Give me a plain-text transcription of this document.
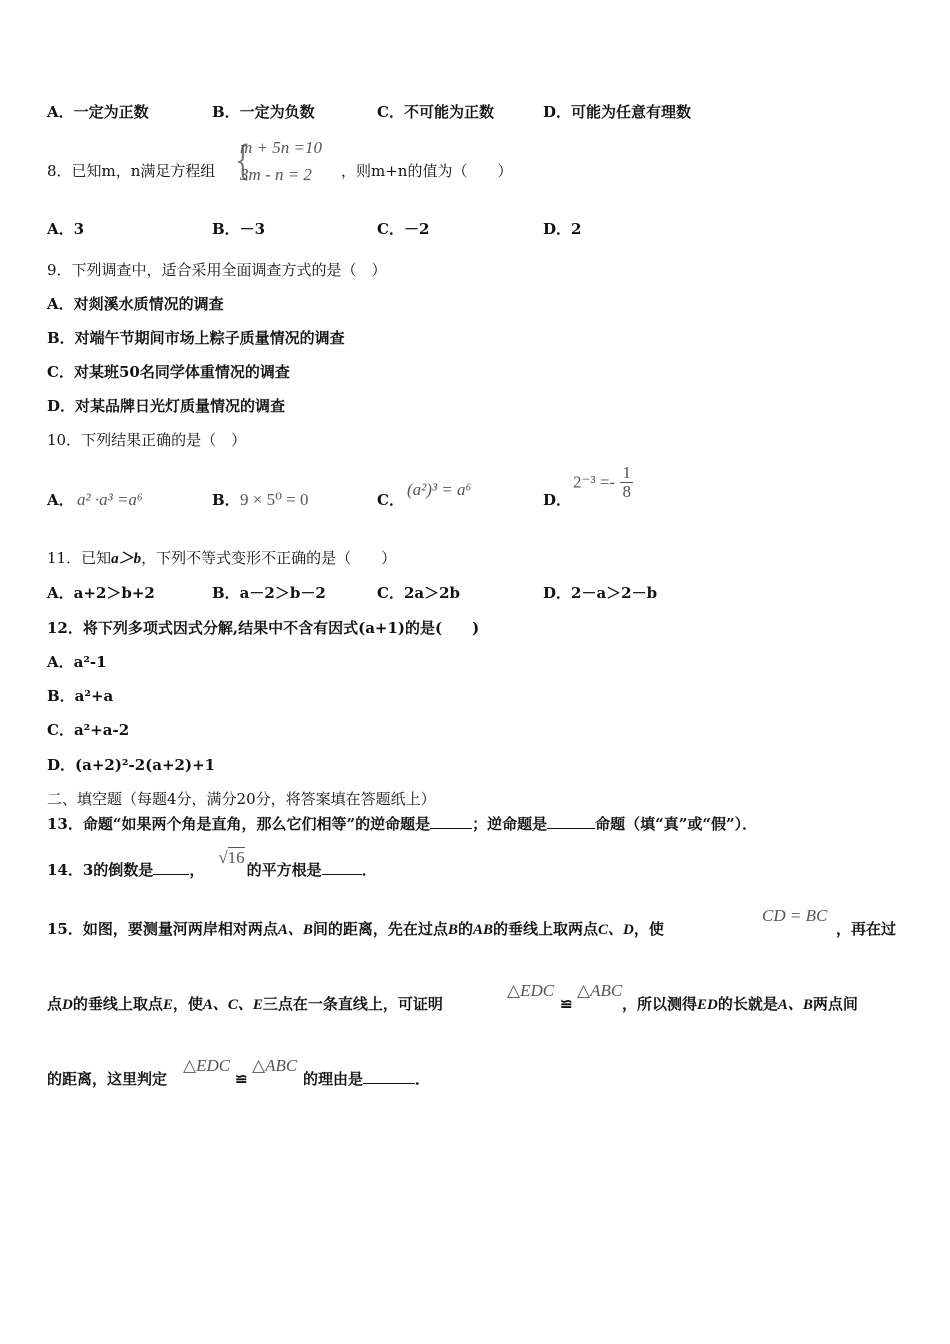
A．一定为正数	B．一定为负数	C．不可能为正数	D．可能为任意有理数
8．已知m，n满足方程组 {
m + 5n =10
3m - n = 2 ，则m+n的值为（　　）
A．3	B．－3	C．－2	D．2
9．下列调查中，适合采用全面调查方式的是（　）
A．对剡溪水质情况的调查
B．对端午节期间市场上粽子质量情况的调查
C．对某班50名同学体重情况的调查
D．对某品牌日光灯质量情况的调查
10．下列结果正确的是（　）
A． a² ·a³ =a⁶	B． 9 × 5⁰ = 0	C．
(a²)³ = a⁶
D．
$2^{-3} =- \frac{1}{8}$
11．已知a＞b，下列不等式变形不正确的是（　　）
A．a+2＞b+2	B．a－2＞b－2	C．2a＞2b	D．2－a＞2－b
12．将下列多项式因式分解,结果中不含有因式(a+1)的是(　　)
A．a²-1
B．a²+a
C．a²+a-2
D．(a+2)²-2(a+2)+1
二、填空题（每题4分，满分20分，将答案填在答题纸上）
13．命题“如果两个角是直角，那么它们相等”的逆命题是	；逆命题是	命题（填“真”或“假”）．
14．3的倒数是 ，√16的平方根是	．
15．如图，要测量河两岸相对两点A、B间的距离，先在过点B的AB的垂线上取两点C、D，使
CD = BC
，再在过
点D的垂线上取点E，使A、C、E三点在一条直线上，可证明
△EDC
≌
△ABC
，所以测得ED的长就是A、B两点间
的距离，这里判定
△EDC
≌
△ABC
的理由是	．
